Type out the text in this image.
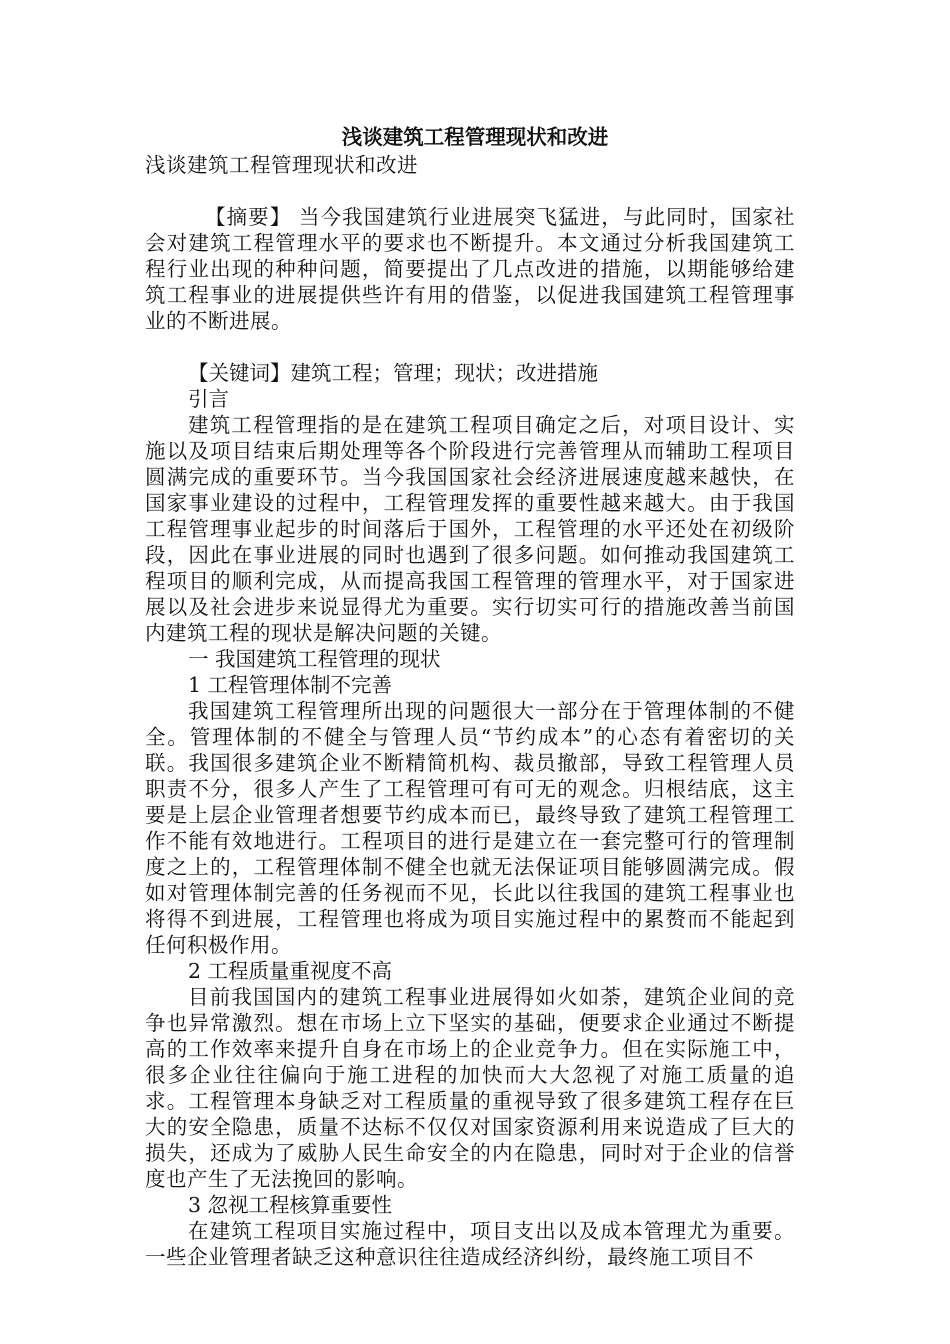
浅谈建筑工程管理现状和改进

浅谈建筑工程管理现状和改进

【摘要】 当今我国建筑行业进展突飞猛进，与此同时，国家社会对建筑工程管理水平的要求也不断提升。本文通过分析我国建筑工程行业出现的种种问题，简要提出了几点改进的措施，以期能够给建筑工程事业的进展提供些许有用的借鉴，以促进我国建筑工程管理事业的不断进展。

【关键词】建筑工程；管理；现状；改进措施

引言

建筑工程管理指的是在建筑工程项目确定之后，对项目设计、实施以及项目结束后期处理等各个阶段进行完善管理从而辅助工程项目圆满完成的重要环节。当今我国国家社会经济进展速度越来越快，在国家事业建设的过程中，工程管理发挥的重要性越来越大。由于我国工程管理事业起步的时间落后于国外，工程管理的水平还处在初级阶段，因此在事业进展的同时也遇到了很多问题。如何推动我国建筑工程项目的顺利完成，从而提高我国工程管理的管理水平，对于国家进展以及社会进步来说显得尤为重要。实行切实可行的措施改善当前国内建筑工程的现状是解决问题的关键。

一 我国建筑工程管理的现状

1 工程管理体制不完善

我国建筑工程管理所出现的问题很大一部分在于管理体制的不健全。管理体制的不健全与管理人员“节约成本”的心态有着密切的关联。我国很多建筑企业不断精简机构、裁员撤部，导致工程管理人员职责不分，很多人产生了工程管理可有可无的观念。归根结底，这主要是上层企业管理者想要节约成本而已，最终导致了建筑工程管理工作不能有效地进行。工程项目的进行是建立在一套完整可行的管理制度之上的，工程管理体制不健全也就无法保证项目能够圆满完成。假如对管理体制完善的任务视而不见，长此以往我国的建筑工程事业也将得不到进展，工程管理也将成为项目实施过程中的累赘而不能起到任何积极作用。

2 工程质量重视度不高

目前我国国内的建筑工程事业进展得如火如荼，建筑企业间的竞争也异常激烈。想在市场上立下坚实的基础，便要求企业通过不断提高的工作效率来提升自身在市场上的企业竞争力。但在实际施工中，很多企业往往偏向于施工进程的加快而大大忽视了对施工质量的追求。工程管理本身缺乏对工程质量的重视导致了很多建筑工程存在巨大的安全隐患，质量不达标不仅仅对国家资源利用来说造成了巨大的损失，还成为了威胁人民生命安全的内在隐患，同时对于企业的信誉度也产生了无法挽回的影响。

3 忽视工程核算重要性

在建筑工程项目实施过程中，项目支出以及成本管理尤为重要。一些企业管理者缺乏这种意识往往造成经济纠纷，最终施工项目不
